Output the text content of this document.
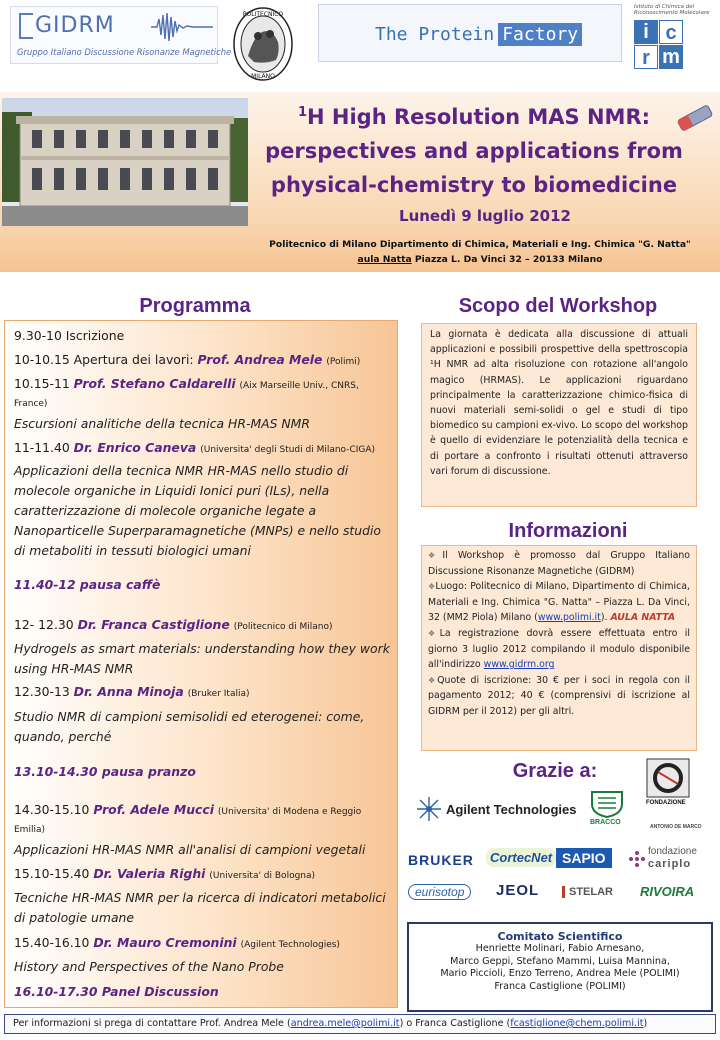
GIDRM
Gruppo Italiano Discussione Risonanze Magnetiche
POLITECNICO
MILANO
The Protein Factory
Istituto di Chimica del Riconoscimento Molecolare
i c
r m
$^1$H High Resolution MAS NMR:
perspectives and applications from
physical-chemistry to biomedicine
Lunedì 9 luglio 2012
Politecnico di Milano Dipartimento di Chimica, Materiali e Ing. Chimica "G. Natta"
aula Natta Piazza L. Da Vinci 32 – 20133 Milano
Programma
9.30-10 Iscrizione
10-10.15 Apertura dei lavori: Prof. Andrea Mele (Polimi)
10.15-11 Prof. Stefano Caldarelli (Aix Marseille Univ., CNRS, France)
Escursioni analitiche della tecnica HR-MAS NMR
11-11.40 Dr. Enrico Caneva (Universita' degli Studi di Milano-CIGA)
Applicazioni della tecnica NMR HR-MAS nello studio di molecole organiche in Liquidi Ionici puri (ILs), nella caratterizzazione di molecole organiche legate a Nanoparticelle Superparamagnetiche (MNPs) e nello studio di metaboliti in tessuti biologici umani
11.40-12 pausa caffè
12- 12.30 Dr. Franca Castiglione (Politecnico di Milano)
Hydrogels as smart materials: understanding how they work using HR-MAS NMR
12.30-13 Dr. Anna Minoja (Bruker Italia)
Studio NMR di campioni semisolidi ed eterogenei: come, quando, perché
13.10-14.30 pausa pranzo
14.30-15.10 Prof. Adele Mucci (Universita' di Modena e Reggio Emilia)
Applicazioni HR-MAS NMR all'analisi di campioni vegetali
15.10-15.40 Dr. Valeria Righi (Universita' di Bologna)
Tecniche HR-MAS NMR per la ricerca di indicatori metabolici di patologie umane
15.40-16.10 Dr. Mauro Cremonini (Agilent Technologies)
History and Perspectives of the Nano Probe
16.10-17.30 Panel Discussion
Scopo del Workshop
La giornata è dedicata alla discussione di attuali applicazioni e possibili prospettive della spettroscopia ¹H NMR ad alta risoluzione con rotazione all'angolo magico (HRMAS). Le applicazioni riguardano principalmente la caratterizzazione chimico-fisica di nuovi materiali semi-solidi o gel e studi di tipo biomedico su campioni ex-vivo. Lo scopo del workshop è quello di evidenziare le potenzialità della tecnica e di portare a confronto i risultati ottenuti attraverso vari forum di discussione.
Informazioni

❖Il Workshop è promosso dal Gruppo Italiano Discussione Risonanze Magnetiche (GIDRM)

❖Luogo: Politecnico di Milano, Dipartimento di Chimica, Materiali e Ing. Chimica "G. Natta" – Piazza L. Da Vinci, 32 (MM2 Piola) Milano (www.polimi.it). AULA NATTA

❖La registrazione dovrà essere effettuata entro il giorno 3 luglio 2012 compilando il modulo disponibile all'indirizzo www.gidrm.org

❖Quote di iscrizione: 30 € per i soci in regola con il pagamento 2012; 40 € (comprensivi di iscrizione al GIDRM per il 2012) per gli altri.

Grazie a:
Agilent Technologies
BRACCO
FONDAZIONE
ANTONIO DE MARCO
BRUKER	CortecNet SAPIO	fondazione
cariplo
eurisotop	JEOL	STELAR RIVOIRA
Comitato Scientifico
Henriette Molinari, Fabio Arnesano,
Marco Geppi, Stefano Mammi, Luisa Mannina,
Mario Piccioli, Enzo Terreno, Andrea Mele (POLIMI)
Franca Castiglione (POLIMI)
Per informazioni si prega di contattare Prof. Andrea Mele (andrea.mele@polimi.it) o Franca Castiglione (fcastiglione@chem.polimi.it)
